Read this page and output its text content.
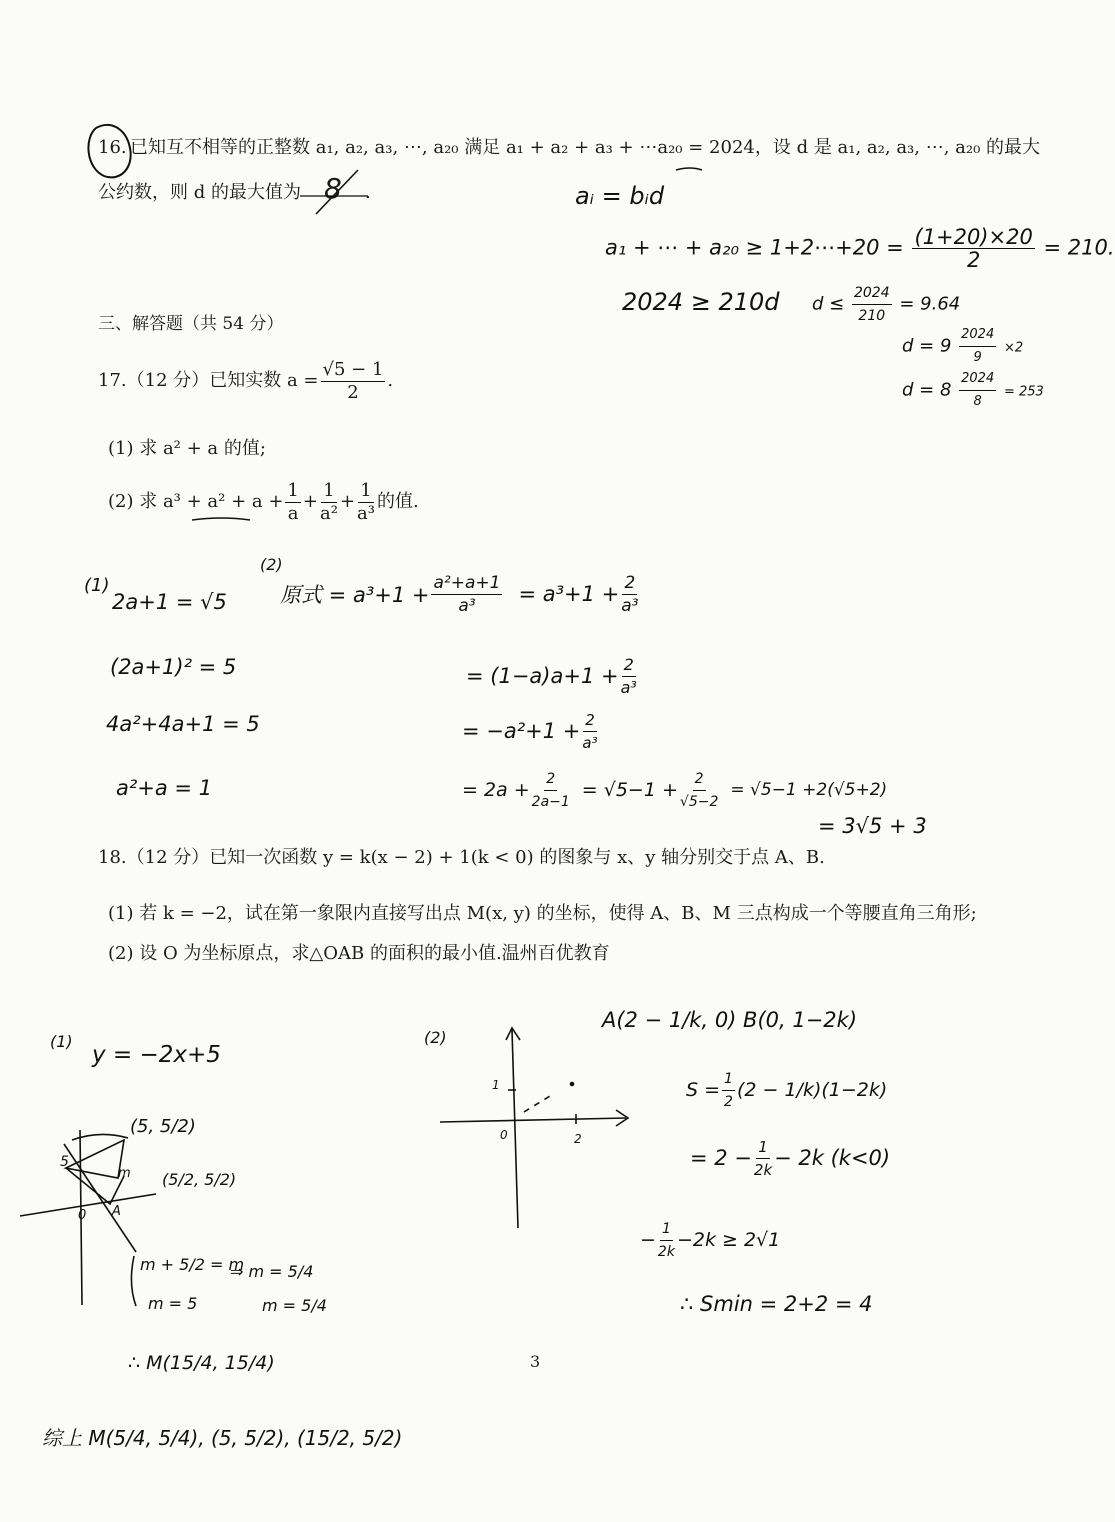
16. 已知互不相等的正整数 a₁, a₂, a₃, ⋯, a₂₀ 满足 a₁ + a₂ + a₃ + ⋯a₂₀ = 2024，设 d 是 a₁, a₂, a₃, ⋯, a₂₀ 的最大
公约数，则 d 的最大值为 8 .	aᵢ = bᵢd
a₁ + ⋯ + a₂₀ ≥ 1+2⋯+20 = $\frac{(1+20)\times 20}{2} = 210$.
2024 ≥ 210d $d \le \frac{2024}{210} = 9.64$
$d = 9 \frac{2024}{9} \times 2$
$d = 8 \frac{2024}{8} = 253$
三、解答题（共 54 分）
17.（12 分）已知实数 $a = \frac{√5 - 1}{2}$ .
(1) 求 a² + a 的值;
(2) 求 $a^3 + a^2 + a + \frac{1}{a} + \frac{1}{\text{a²}} + \frac{1}{\text{a³}}$ 的值.
(1)
2a+1 = √5
(2a+1)² = 5
4a²+4a+1 = 5
a²+a = 1
(2)
原式 = $a^3+1 + \frac{\text{a²+a+1}}{\text{a³}} = a^3+1 + \frac{2}{\text{a³}}$
= $(1-a)a+1 + \frac{2}{\text{a³}}$
= $-a^2+1 + \frac{2}{\text{a³}}$
= $2a + \frac{2}{2a-1} = √5-1 + \frac{2}{√5-2} = √5-1 +2(√5+2)$
= 3√5 + 3
18.（12 分）已知一次函数 y = k(x − 2) + 1(k < 0) 的图象与 x、y 轴分别交于点 A、B.
(1) 若 k = −2，试在第一象限内直接写出点 M(x, y) 的坐标，使得 A、B、M 三点构成一个等腰直角三角形;
(2) 设 O 为坐标原点，求△OAB 的面积的最小值.温州百优教育
(1)
y = −2x+5
(5, 5/2)
(5/2, 5/2)
5
0 A
m
m + 5/2 = m
m = 5
⇒ m = 5/4
m = 5/4
∴ M(15/4, 15/4)
综上 M(5/4, 5/4), (5, 5/2), (15/2, 5/2)
(2)
A(2 − 1/k, 0) B(0, 1−2k)
$S = \frac{1}{2} (2 - 1/k)(1-2k)$
= $2 - \frac{1}{2k} - 2k$ (k<0)
− $\frac{1}{2k} -2k \ge 2√1$
∴ Smin = 2+2 = 4
1
0	2
3
